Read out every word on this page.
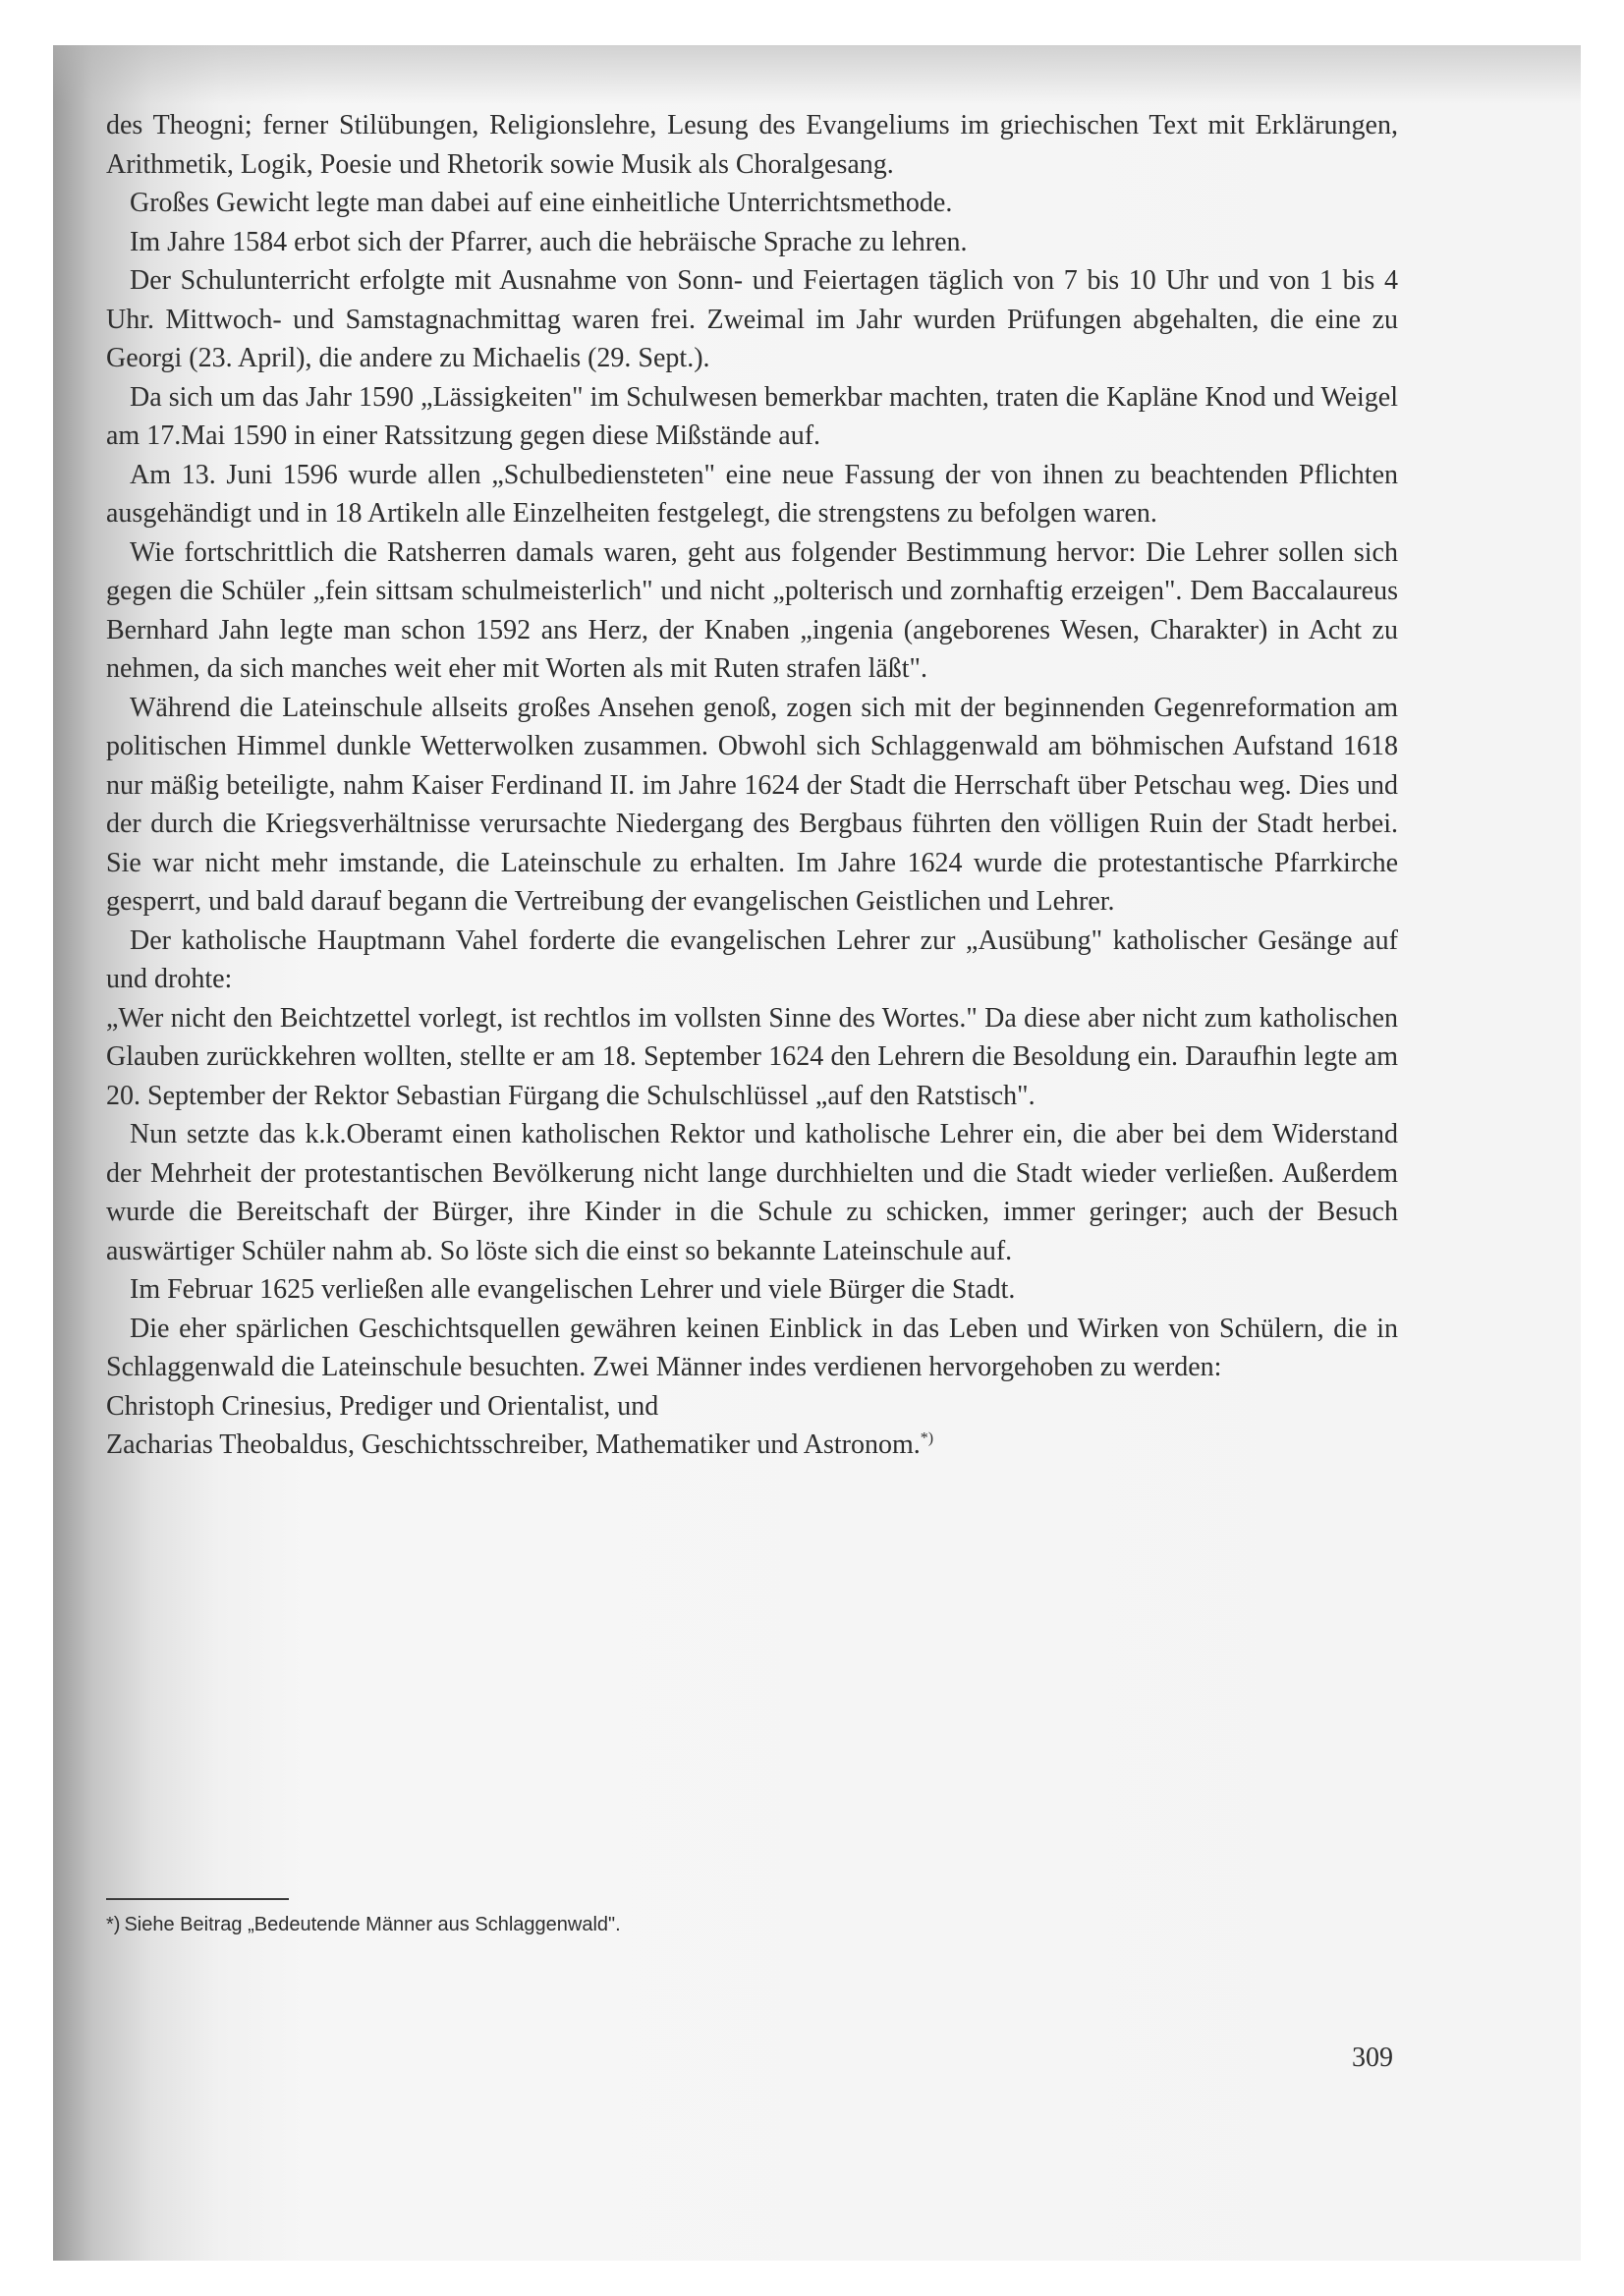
des Theogni; ferner Stilübungen, Religionslehre, Lesung des Evangeliums im griechischen Text mit Erklärungen, Arithmetik, Logik, Poesie und Rhetorik sowie Musik als Choralgesang.

Großes Gewicht legte man dabei auf eine einheitliche Unterrichtsmethode.

Im Jahre 1584 erbot sich der Pfarrer, auch die hebräische Sprache zu lehren.

Der Schulunterricht erfolgte mit Ausnahme von Sonn- und Feiertagen täglich von 7 bis 10 Uhr und von 1 bis 4 Uhr. Mittwoch- und Samstagnachmittag waren frei. Zweimal im Jahr wurden Prüfungen abgehalten, die eine zu Georgi (23. April), die andere zu Michaelis (29. Sept.).

Da sich um das Jahr 1590 „Lässigkeiten" im Schulwesen bemerkbar machten, traten die Kapläne Knod und Weigel am 17.Mai 1590 in einer Ratssitzung gegen diese Mißstände auf.

Am 13. Juni 1596 wurde allen „Schulbediensteten" eine neue Fassung der von ihnen zu beachtenden Pflichten ausgehändigt und in 18 Artikeln alle Einzelheiten festgelegt, die strengstens zu befolgen waren.

Wie fortschrittlich die Ratsherren damals waren, geht aus folgender Bestimmung hervor: Die Lehrer sollen sich gegen die Schüler „fein sittsam schulmeisterlich" und nicht „polterisch und zornhaftig erzeigen". Dem Baccalaureus Bernhard Jahn legte man schon 1592 ans Herz, der Knaben „ingenia (angeborenes Wesen, Charakter) in Acht zu nehmen, da sich manches weit eher mit Worten als mit Ruten strafen läßt".

Während die Lateinschule allseits großes Ansehen genoß, zogen sich mit der beginnenden Gegenreformation am politischen Himmel dunkle Wetterwolken zusammen. Obwohl sich Schlaggenwald am böhmischen Aufstand 1618 nur mäßig beteiligte, nahm Kaiser Ferdinand II. im Jahre 1624 der Stadt die Herrschaft über Petschau weg. Dies und der durch die Kriegsverhältnisse verursachte Niedergang des Bergbaus führten den völligen Ruin der Stadt herbei. Sie war nicht mehr imstande, die Lateinschule zu erhalten. Im Jahre 1624 wurde die protestantische Pfarrkirche gesperrt, und bald darauf begann die Vertreibung der evangelischen Geistlichen und Lehrer.

Der katholische Hauptmann Vahel forderte die evangelischen Lehrer zur „Ausübung" katholischer Gesänge auf und drohte:

„Wer nicht den Beichtzettel vorlegt, ist rechtlos im vollsten Sinne des Wortes." Da diese aber nicht zum katholischen Glauben zurückkehren wollten, stellte er am 18. September 1624 den Lehrern die Besoldung ein. Daraufhin legte am 20. September der Rektor Sebastian Fürgang die Schulschlüssel „auf den Ratstisch".

Nun setzte das k.k.Oberamt einen katholischen Rektor und katholische Lehrer ein, die aber bei dem Widerstand der Mehrheit der protestantischen Bevölkerung nicht lange durchhielten und die Stadt wieder verließen. Außerdem wurde die Bereitschaft der Bürger, ihre Kinder in die Schule zu schicken, immer geringer; auch der Besuch auswärtiger Schüler nahm ab. So löste sich die einst so bekannte Lateinschule auf.

Im Februar 1625 verließen alle evangelischen Lehrer und viele Bürger die Stadt.

Die eher spärlichen Geschichtsquellen gewähren keinen Einblick in das Leben und Wirken von Schülern, die in Schlaggenwald die Lateinschule besuchten. Zwei Männer indes verdienen hervorgehoben zu werden:

Christoph Crinesius, Prediger und Orientalist, und

Zacharias Theobaldus, Geschichtsschreiber, Mathematiker und Astronom.*)

*) Siehe Beitrag „Bedeutende Männer aus Schlaggenwald".
309
